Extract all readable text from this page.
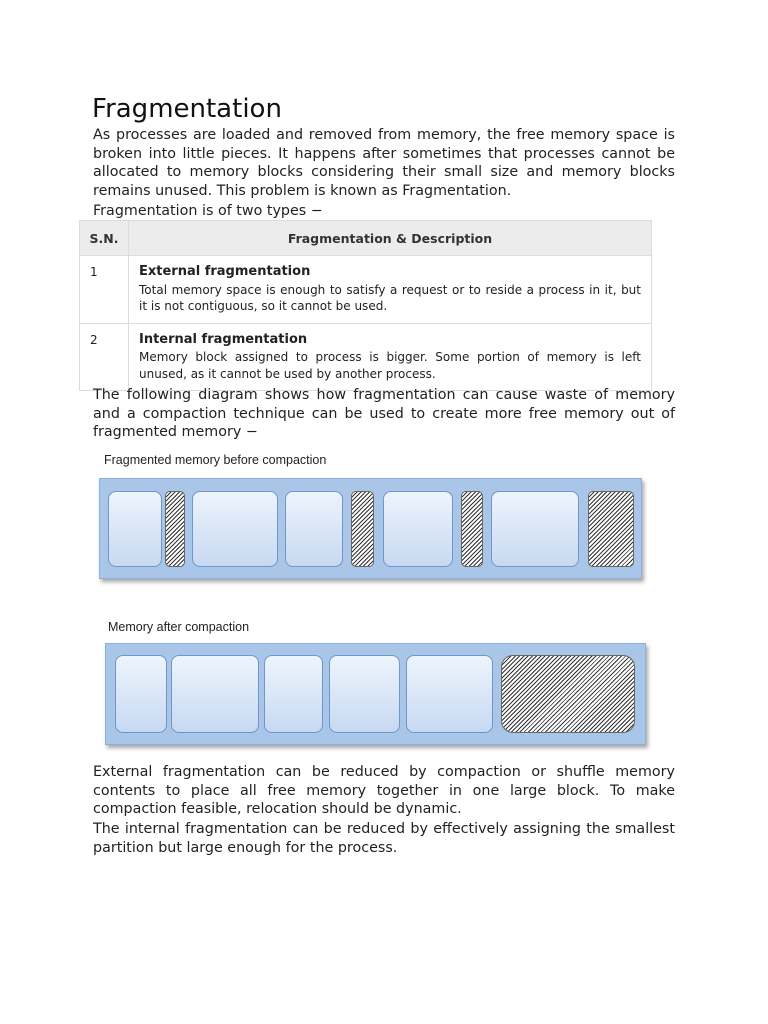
Fragmentation

As processes are loaded and removed from memory, the free memory space is broken into little pieces. It happens after sometimes that processes cannot be allocated to memory blocks considering their small size and memory blocks remains unused. This problem is known as Fragmentation.

Fragmentation is of two types −

S.N.	Fragmentation & Description
1	External fragmentation
Total memory space is enough to satisfy a request or to reside a process in it, but it is not contiguous, so it cannot be used.

2	Internal fragmentation
Memory block assigned to process is bigger. Some portion of memory is left unused, as it cannot be used by another process.

The following diagram shows how fragmentation can cause waste of memory and a compaction technique can be used to create more free memory out of fragmented memory −

Fragmented memory before compaction
Memory after compaction

External fragmentation can be reduced by compaction or shuffle memory contents to place all free memory together in one large block. To make compaction feasible, relocation should be dynamic.

The internal fragmentation can be reduced by effectively assigning the smallest partition but large enough for the process.
